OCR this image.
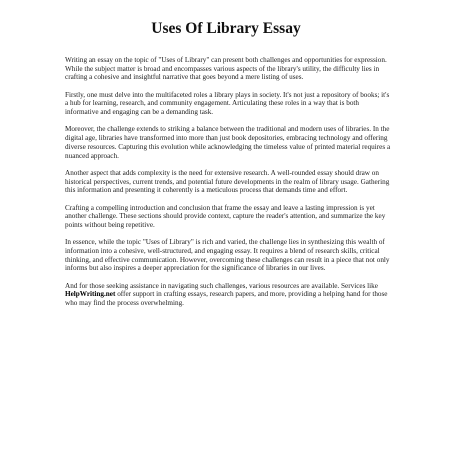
Uses Of Library Essay

Writing an essay on the topic of "Uses of Library" can present both challenges and opportunities for expression. While the subject matter is broad and encompasses various aspects of the library's utility, the difficulty lies in crafting a cohesive and insightful narrative that goes beyond a mere listing of uses.

Firstly, one must delve into the multifaceted roles a library plays in society. It's not just a repository of books; it's a hub for learning, research, and community engagement. Articulating these roles in a way that is both informative and engaging can be a demanding task.

Moreover, the challenge extends to striking a balance between the traditional and modern uses of libraries. In the digital age, libraries have transformed into more than just book depositories, embracing technology and offering diverse resources. Capturing this evolution while acknowledging the timeless value of printed material requires a nuanced approach.

Another aspect that adds complexity is the need for extensive research. A well-rounded essay should draw on historical perspectives, current trends, and potential future developments in the realm of library usage. Gathering this information and presenting it coherently is a meticulous process that demands time and effort.

Crafting a compelling introduction and conclusion that frame the essay and leave a lasting impression is yet another challenge. These sections should provide context, capture the reader's attention, and summarize the key points without being repetitive.

In essence, while the topic "Uses of Library" is rich and varied, the challenge lies in synthesizing this wealth of information into a cohesive, well-structured, and engaging essay. It requires a blend of research skills, critical thinking, and effective communication. However, overcoming these challenges can result in a piece that not only informs but also inspires a deeper appreciation for the significance of libraries in our lives.

And for those seeking assistance in navigating such challenges, various resources are available. Services like HelpWriting.net offer support in crafting essays, research papers, and more, providing a helping hand for those who may find the process overwhelming.
